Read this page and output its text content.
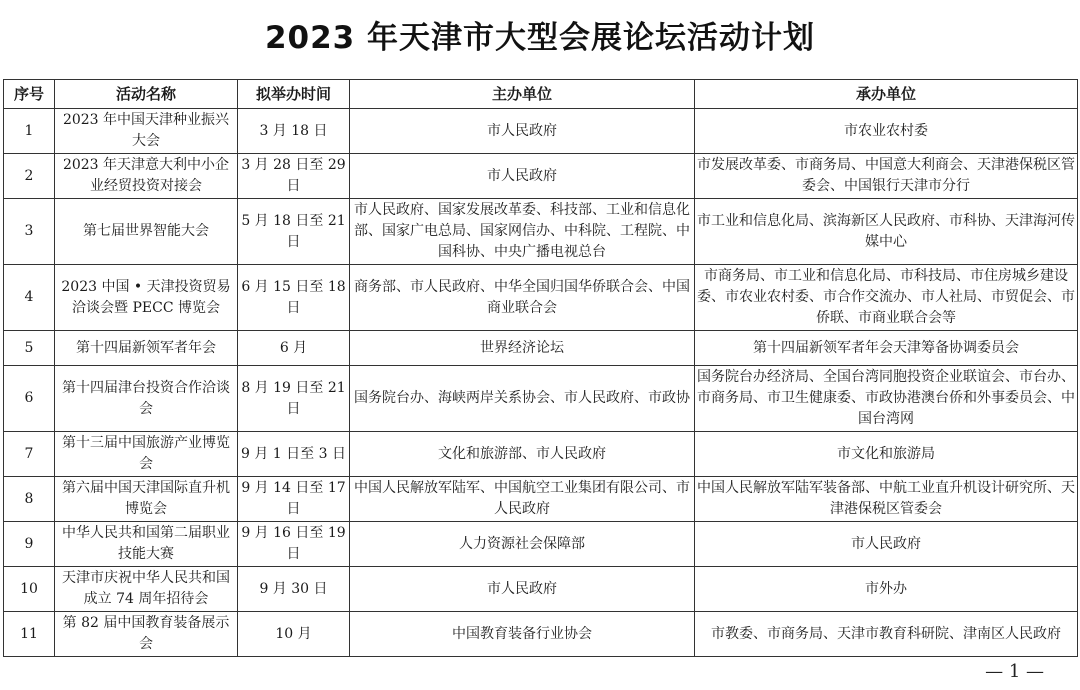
2023 年天津市大型会展论坛活动计划
序号	活动名称	拟举办时间	主办单位	承办单位
1	2023 年中国天津种业振兴大会	3 月 18 日	市人民政府	市农业农村委
2	2023 年天津意大利中小企业经贸投资对接会	3 月 28 日至 29 日	市人民政府	市发展改革委、市商务局、中国意大利商会、天津港保税区管委会、中国银行天津市分行
3	第七届世界智能大会	5 月 18 日至 21 日	市人民政府、国家发展改革委、科技部、工业和信息化部、国家广电总局、国家网信办、中科院、工程院、中国科协、中央广播电视总台	市工业和信息化局、滨海新区人民政府、市科协、天津海河传媒中心
4	2023 中国 • 天津投资贸易洽谈会暨 PECC 博览会	6 月 15 日至 18 日	商务部、市人民政府、中华全国归国华侨联合会、中国商业联合会	市商务局、市工业和信息化局、市科技局、市住房城乡建设委、市农业农村委、市合作交流办、市人社局、市贸促会、市侨联、市商业联合会等
5	第十四届新领军者年会	6 月	世界经济论坛	第十四届新领军者年会天津筹备协调委员会
6	第十四届津台投资合作洽谈会	8 月 19 日至 21 日	国务院台办、海峡两岸关系协会、市人民政府、市政协	国务院台办经济局、全国台湾同胞投资企业联谊会、市台办、市商务局、市卫生健康委、市政协港澳台侨和外事委员会、中国台湾网
7	第十三届中国旅游产业博览会	9 月 1 日至 3 日	文化和旅游部、市人民政府	市文化和旅游局
8	第六届中国天津国际直升机博览会	9 月 14 日至 17 日	中国人民解放军陆军、中国航空工业集团有限公司、市人民政府	中国人民解放军陆军装备部、中航工业直升机设计研究所、天津港保税区管委会
9	中华人民共和国第二届职业技能大赛	9 月 16 日至 19 日	人力资源社会保障部	市人民政府
10	天津市庆祝中华人民共和国成立 74 周年招待会	9 月 30 日	市人民政府	市外办
11	第 82 届中国教育装备展示会	10 月	中国教育装备行业协会	市教委、市商务局、天津市教育科研院、津南区人民政府
— 1 —
